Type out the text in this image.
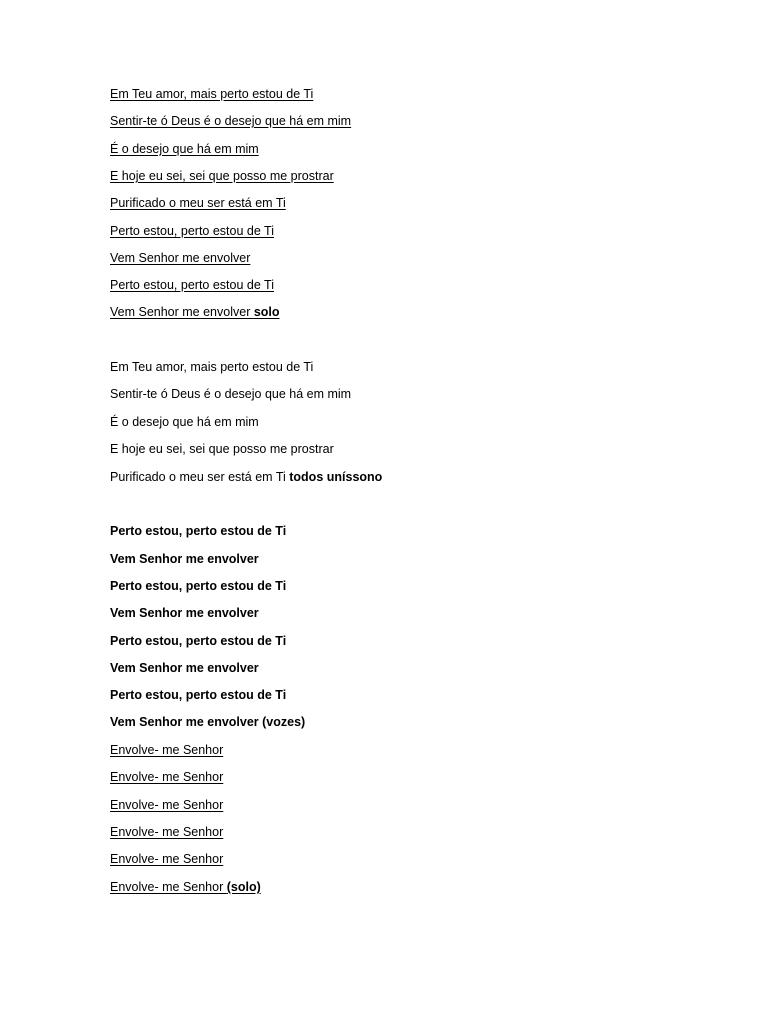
Em Teu amor, mais perto estou de Ti
Sentir-te ó Deus é o desejo que há em mim
É o desejo que há em mim
E hoje eu sei, sei que posso me prostrar
Purificado o meu ser está em Ti
Perto estou, perto estou de Ti
Vem Senhor me envolver
Perto estou, perto estou de Ti
Vem Senhor me envolver solo
Em Teu amor, mais perto estou de Ti
Sentir-te ó Deus é o desejo que há em mim
É o desejo que há em mim
E hoje eu sei, sei que posso me prostrar
Purificado o meu ser está em Ti todos uníssono
Perto estou, perto estou de Ti
Vem Senhor me envolver
Perto estou, perto estou de Ti
Vem Senhor me envolver
Perto estou, perto estou de Ti
Vem Senhor me envolver
Perto estou, perto estou de Ti
Vem Senhor me envolver (vozes)
Envolve- me Senhor
Envolve- me Senhor
Envolve- me Senhor
Envolve- me Senhor
Envolve- me Senhor
Envolve- me Senhor (solo)
